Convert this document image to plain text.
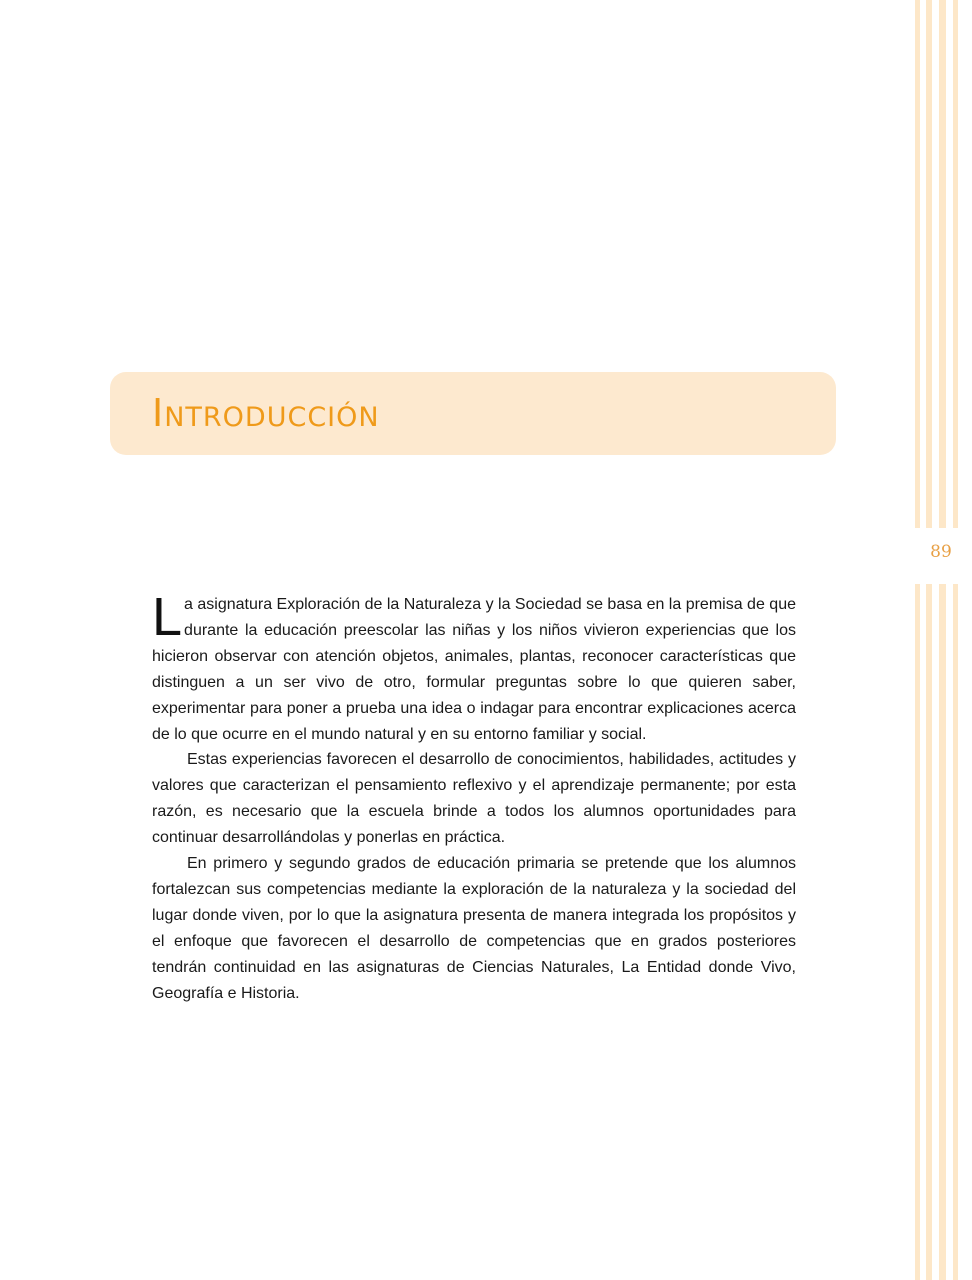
89
Introducción

La asignatura Exploración de la Naturaleza y la Sociedad se basa en la premisa de que durante la educación preescolar las niñas y los niños vivieron experiencias que los hicieron observar con atención objetos, animales, plantas, reconocer características que distinguen a un ser vivo de otro, formular preguntas sobre lo que quieren saber, experimentar para poner a prueba una idea o indagar para encontrar explicaciones acerca de lo que ocurre en el mundo natural y en su entorno familiar y social.

Estas experiencias favorecen el desarrollo de conocimientos, habilidades, actitudes y valores que caracterizan el pensamiento reflexivo y el aprendizaje permanente; por esta razón, es necesario que la escuela brinde a todos los alumnos oportunidades para continuar desarrollándolas y ponerlas en práctica.

En primero y segundo grados de educación primaria se pretende que los alumnos fortalezcan sus competencias mediante la exploración de la naturaleza y la sociedad del lugar donde viven, por lo que la asignatura presenta de manera integrada los propósitos y el enfoque que favorecen el desarrollo de competencias que en grados posteriores tendrán continuidad en las asignaturas de Ciencias Naturales, La Entidad donde Vivo, Geografía e Historia.
